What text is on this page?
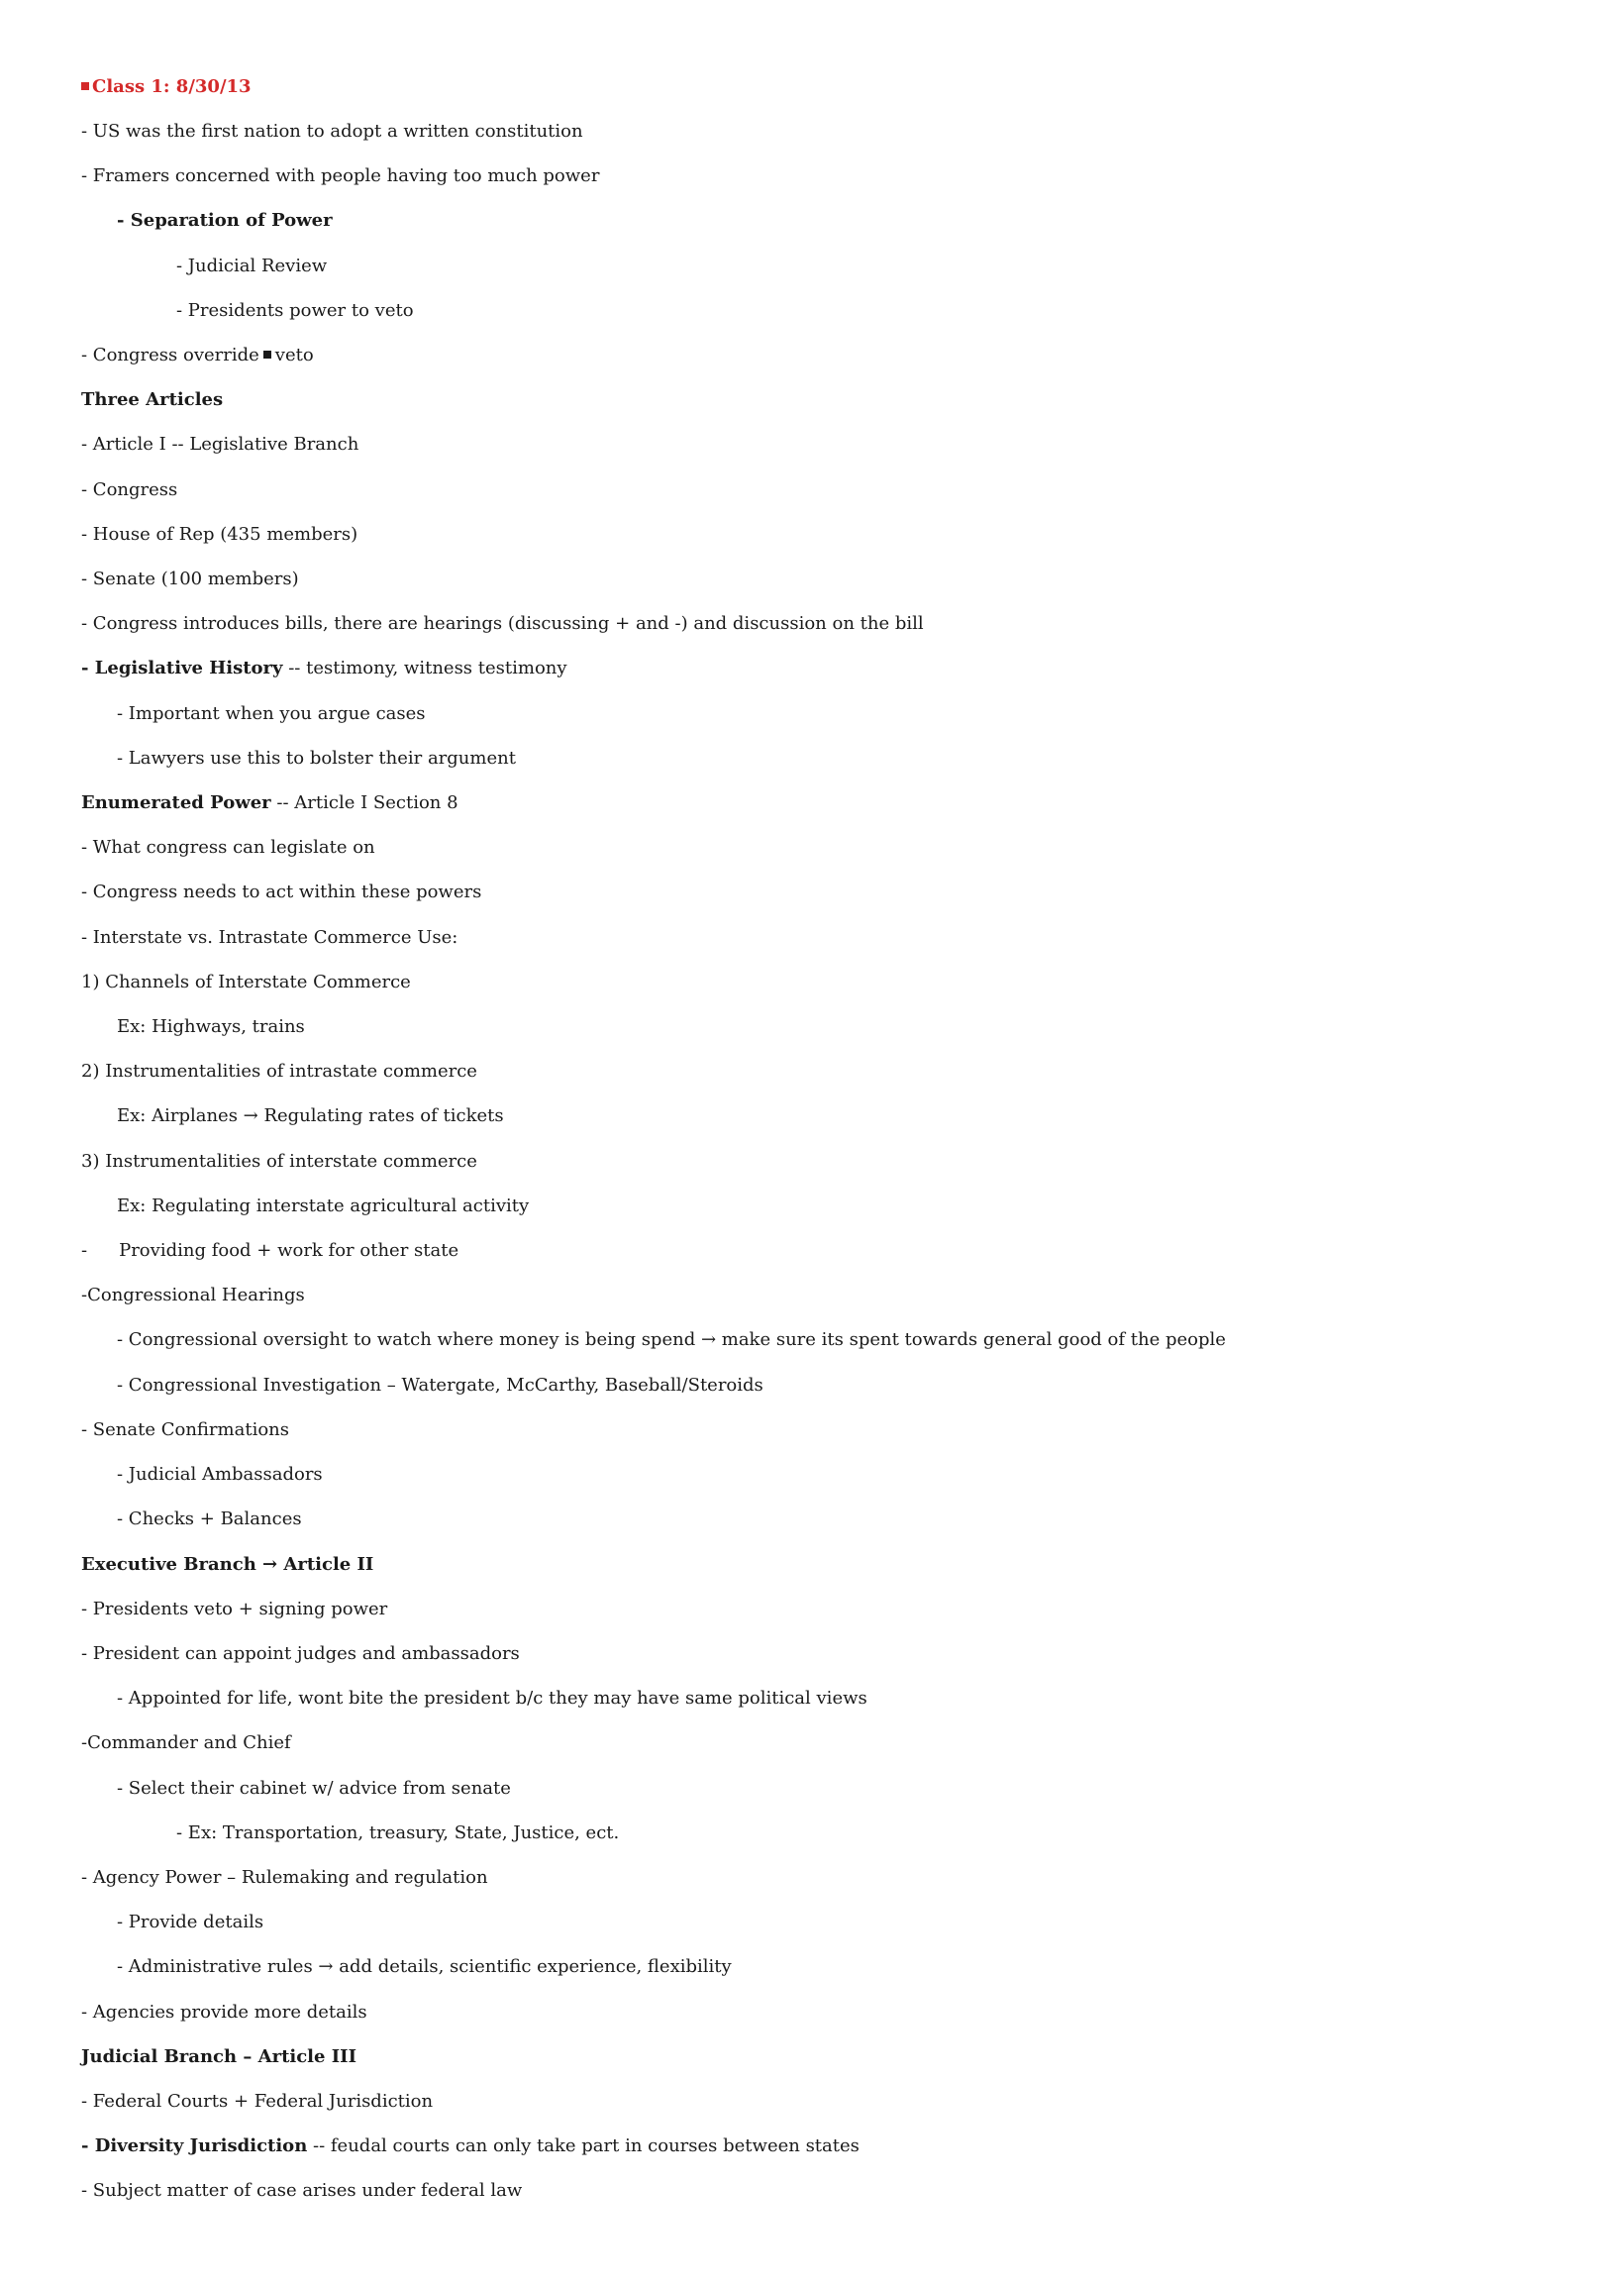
Class 1: 8/30/13
- US was the first nation to adopt a written constitution
- Framers concerned with people having too much power
- Separation of Power
- Judicial Review
- Presidents power to veto
- Congress override veto
Three Articles
- Article I -- Legislative Branch
- Congress
- House of Rep (435 members)
- Senate (100 members)
- Congress introduces bills, there are hearings (discussing + and -) and discussion on the bill
- Legislative History -- testimony, witness testimony
- Important when you argue cases
- Lawyers use this to bolster their argument
Enumerated Power -- Article I Section 8
- What congress can legislate on
- Congress needs to act within these powers
- Interstate vs. Intrastate Commerce Use:
1) Channels of Interstate Commerce
Ex: Highways, trains
2) Instrumentalities of intrastate commerce
Ex: Airplanes → Regulating rates of tickets
3) Instrumentalities of interstate commerce
Ex: Regulating interstate agricultural activity
- Providing food + work for other state
-Congressional Hearings
- Congressional oversight to watch where money is being spend → make sure its spent towards general good of the people
- Congressional Investigation – Watergate, McCarthy, Baseball/Steroids
- Senate Confirmations
- Judicial Ambassadors
- Checks + Balances
Executive Branch → Article II
- Presidents veto + signing power
- President can appoint judges and ambassadors
- Appointed for life, wont bite the president b/c they may have same political views
-Commander and Chief
- Select their cabinet w/ advice from senate
- Ex: Transportation, treasury, State, Justice, ect.
- Agency Power – Rulemaking and regulation
- Provide details
- Administrative rules → add details, scientific experience, flexibility
- Agencies provide more details
Judicial Branch – Article III
- Federal Courts + Federal Jurisdiction
- Diversity Jurisdiction -- feudal courts can only take part in courses between states
- Subject matter of case arises under federal law
